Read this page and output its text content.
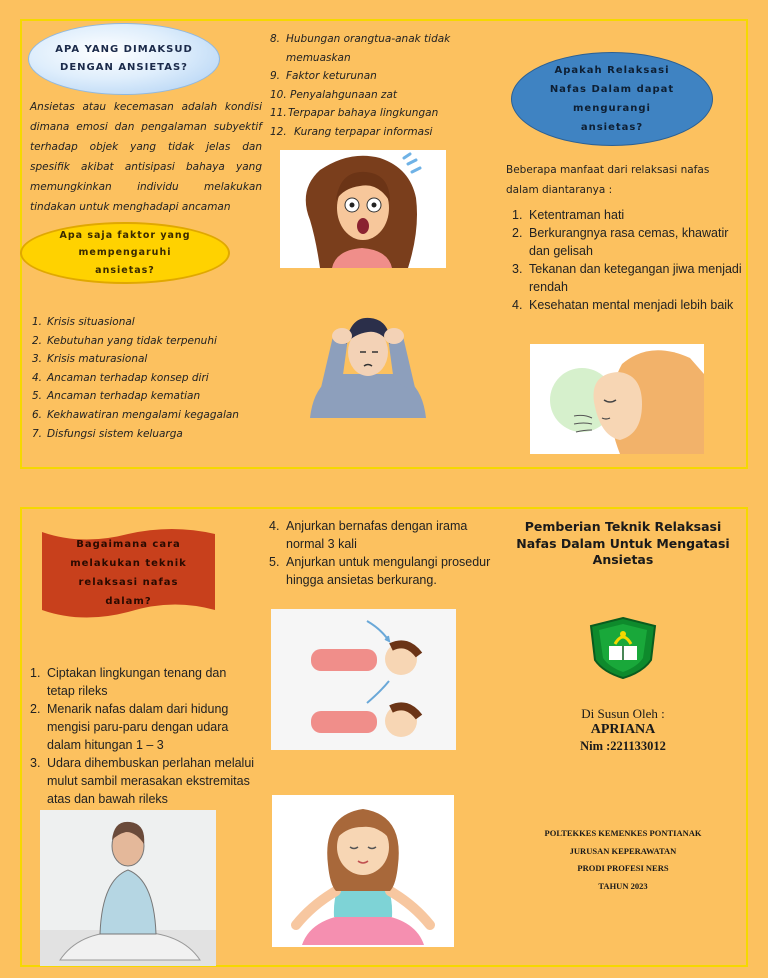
APA YANG DIMAKSUD DENGAN ANSIETAS?

Ansietas atau kecemasan adalah kondisi dimana emosi dan pengalaman subyektif terhadap objek yang tidak jelas dan spesifik akibat antisipasi bahaya yang memungkinkan individu melakukan tindakan untuk menghadapi ancaman

Apa saja faktor yang mempengaruhi ansietas?
1. Krisis situasional
2. Kebutuhan yang tidak terpenuhi
3. Krisis maturasional
4. Ancaman terhadap konsep diri
5. Ancaman terhadap kematian
6. Kekhawatiran mengalami kegagalan
7. Disfungsi sistem keluarga
8. Hubungan orangtua-anak tidak memuaskan
9. Faktor keturunan
10. Penyalahgunaan zat
11. Terpapar bahaya lingkungan
12. Kurang terpapar informasi
Apakah Relaksasi Nafas Dalam dapat mengurangi ansietas?

Beberapa manfaat dari relaksasi nafas dalam diantaranya :

1. Ketentraman hati
2. Berkurangnya rasa cemas, khawatir dan gelisah
3. Tekanan dan ketegangan jiwa menjadi rendah
4. Kesehatan mental menjadi lebih baik
Bagaimana cara melakukan teknik relaksasi nafas dalam?
1. Ciptakan lingkungan tenang dan tetap rileks
2. Menarik nafas dalam dari hidung mengisi paru-paru dengan udara dalam hitungan 1 – 3
3. Udara dihembuskan perlahan melalui mulut sambil merasakan ekstremitas atas dan bawah rileks
4. Anjurkan bernafas dengan irama normal 3 kali
5. Anjurkan untuk mengulangi prosedur hingga ansietas berkurang.
Pemberian Teknik Relaksasi Nafas Dalam Untuk Mengatasi Ansietas
Di Susun Oleh :
APRIANA
Nim :221133012
POLTEKKES KEMENKES PONTIANAK
JURUSAN KEPERAWATAN
PRODI PROFESI NERS
TAHUN 2023
